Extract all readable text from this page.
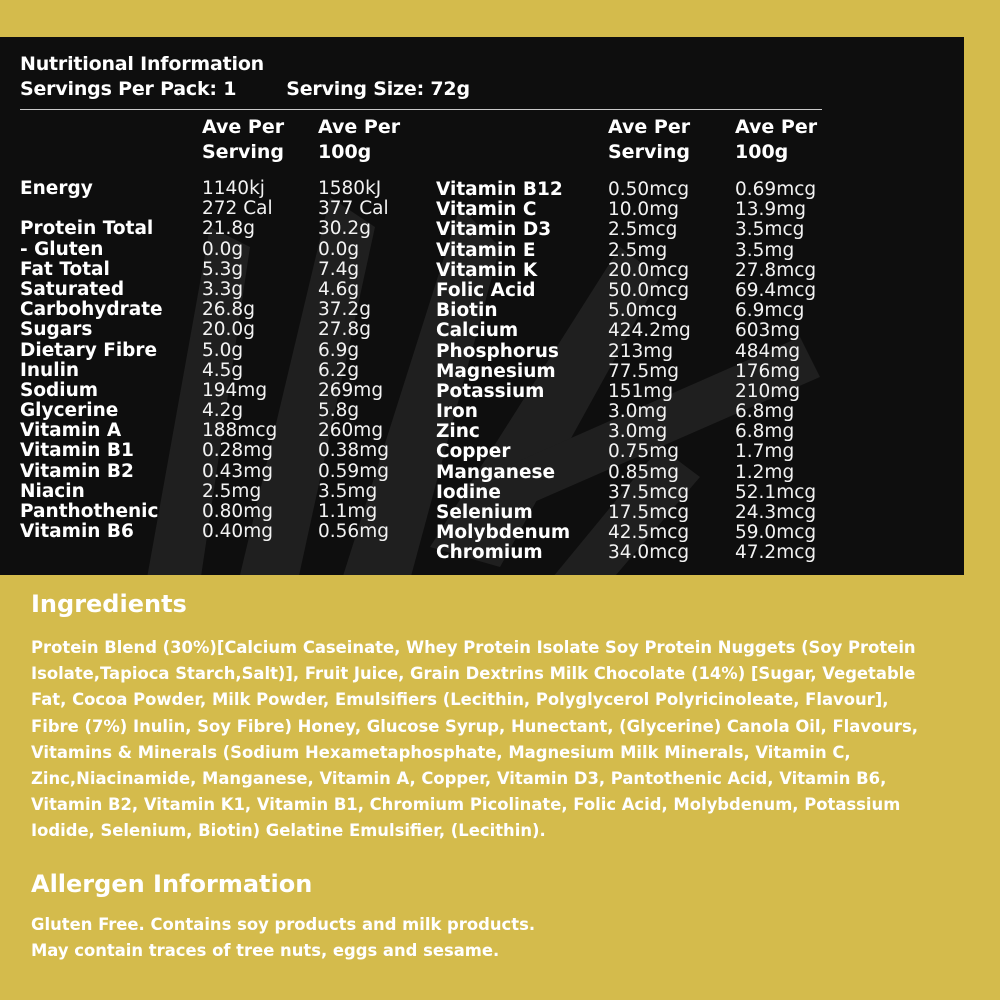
Nutritional Information
Servings Per Pack: 1	Serving Size: 72g
Ave Per
Serving
Ave Per
100g
Ave Per
Serving
Ave Per
100g
Energy	1140kj	1580kJ
272 Cal 377 Cal
Protein Total	21.8g	30.2g
- Gluten	0.0g	0.0g
Fat Total	5.3g	7.4g
Saturated	3.3g	4.6g
Carbohydrate 26.8g	37.2g
Sugars	20.0g	27.8g
Dietary Fibre 5.0g	6.9g
Inulin	4.5g	6.2g
Sodium	194mg	269mg
Glycerine	4.2g	5.8g
Vitamin A	188mcg 260mg
Vitamin B1	0.28mg 0.38mg
Vitamin B2	0.43mg 0.59mg
Niacin	2.5mg	3.5mg
Panthothenic 0.80mg 1.1mg
Vitamin B6	0.40mg 0.56mg
Vitamin B12 0.50mcg 0.69mcg
Vitamin C	10.0mg	13.9mg
Vitamin D3	2.5mcg	3.5mcg
Vitamin E	2.5mg	3.5mg
Vitamin K	20.0mcg 27.8mcg
Folic Acid	50.0mcg 69.4mcg
Biotin	5.0mcg	6.9mcg
Calcium	424.2mg 603mg
Phosphorus	213mg	484mg
Magnesium	77.5mg	176mg
Potassium	151mg	210mg
Iron	3.0mg	6.8mg
Zinc	3.0mg	6.8mg
Copper	0.75mg	1.7mg
Manganese	0.85mg	1.2mg
Iodine	37.5mcg 52.1mcg
Selenium	17.5mcg 24.3mcg
Molybdenum 42.5mcg 59.0mcg
Chromium	34.0mcg 47.2mcg
Ingredients
Protein Blend (30%)[Calcium Caseinate, Whey Protein Isolate Soy Protein Nuggets (Soy Protein
Isolate,Tapioca Starch,Salt)], Fruit Juice, Grain Dextrins Milk Chocolate (14%) [Sugar, Vegetable
Fat, Cocoa Powder, Milk Powder, Emulsifiers (Lecithin, Polyglycerol Polyricinoleate, Flavour],
Fibre (7%) Inulin, Soy Fibre) Honey, Glucose Syrup, Hunectant, (Glycerine) Canola Oil, Flavours,
Vitamins & Minerals (Sodium Hexametaphosphate, Magnesium Milk Minerals, Vitamin C,
Zinc,Niacinamide, Manganese, Vitamin A, Copper, Vitamin D3, Pantothenic Acid, Vitamin B6,
Vitamin B2, Vitamin K1, Vitamin B1, Chromium Picolinate, Folic Acid, Molybdenum, Potassium
Iodide, Selenium, Biotin) Gelatine Emulsifier, (Lecithin).
Allergen Information
Gluten Free. Contains soy products and milk products.
May contain traces of tree nuts, eggs and sesame.
